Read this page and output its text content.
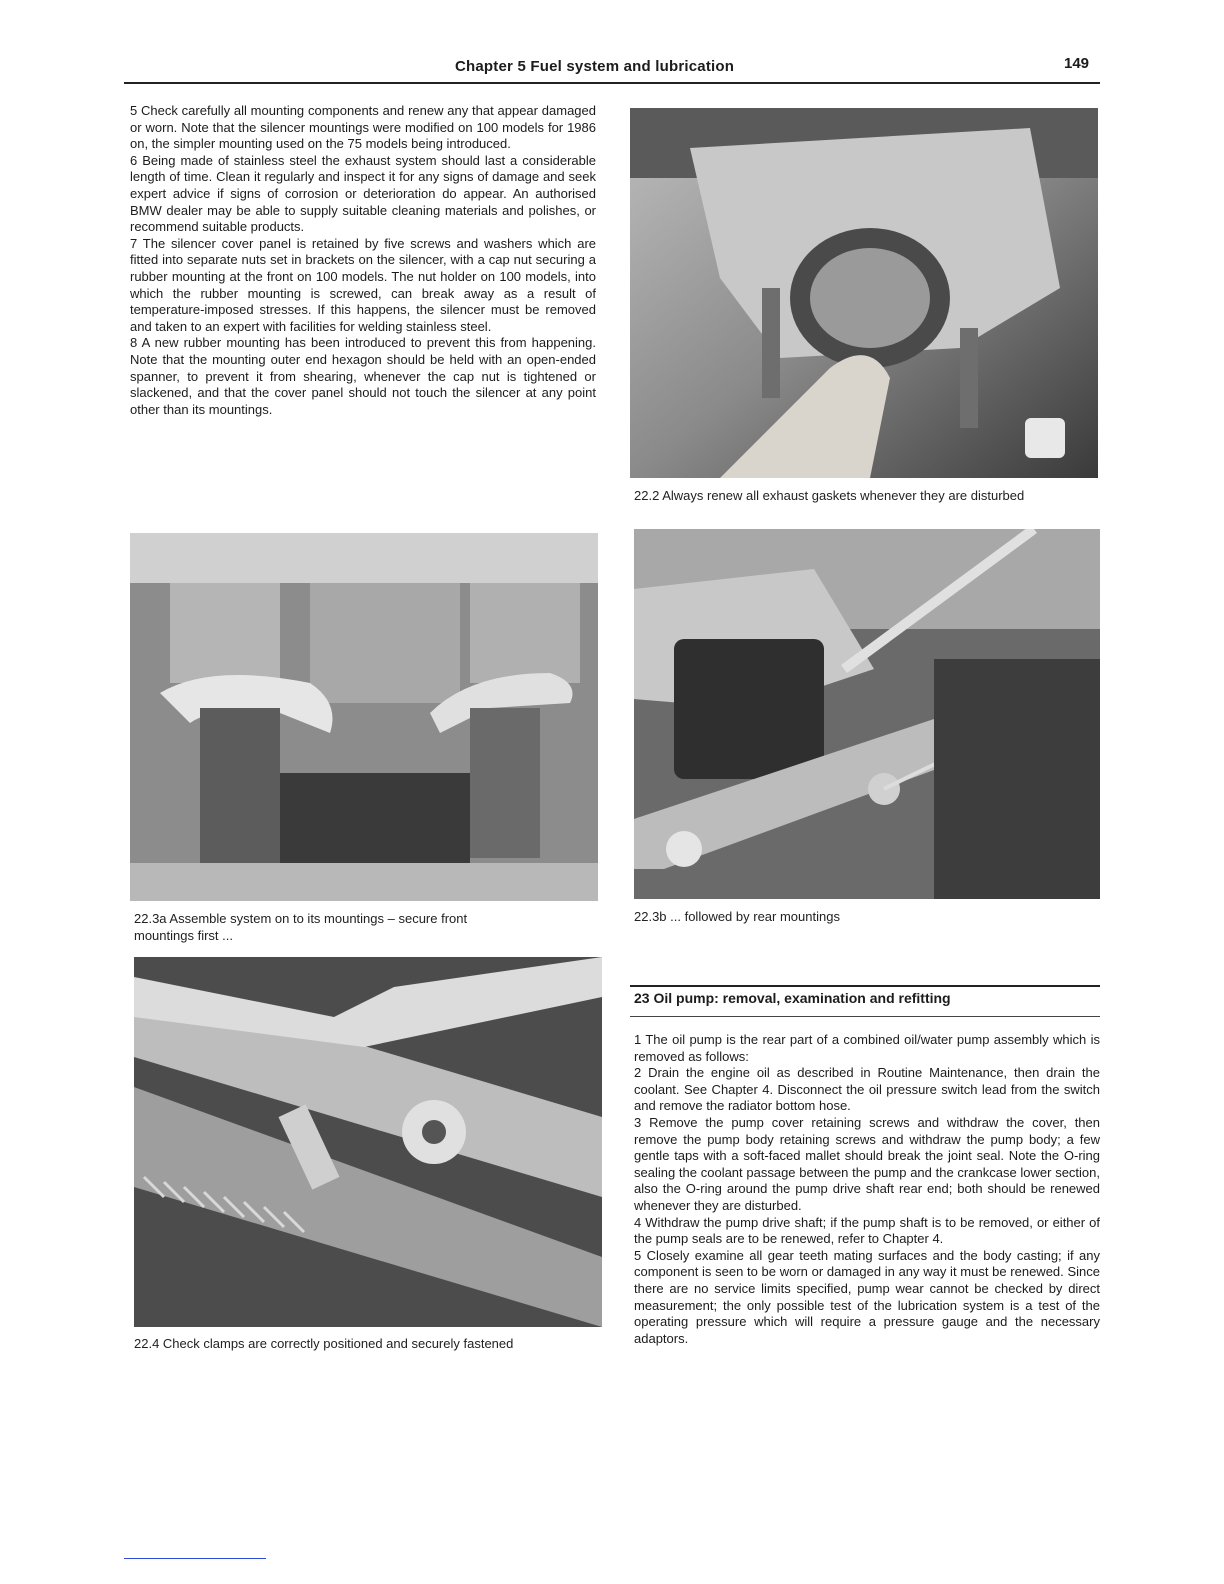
Chapter 5 Fuel system and lubrication	149

5 Check carefully all mounting components and renew any that appear damaged or worn. Note that the silencer mountings were modified on 100 models for 1986 on, the simpler mounting used on the 75 models being introduced.

6 Being made of stainless steel the exhaust system should last a considerable length of time. Clean it regularly and inspect it for any signs of damage and seek expert advice if signs of corrosion or deterioration do appear. An authorised BMW dealer may be able to supply suitable cleaning materials and polishes, or recommend suitable products.

7 The silencer cover panel is retained by five screws and washers which are fitted into separate nuts set in brackets on the silencer, with a cap nut securing a rubber mounting at the front on 100 models. The nut holder on 100 models, into which the rubber mounting is screwed, can break away as a result of temperature-imposed stresses. If this happens, the silencer must be removed and taken to an expert with facilities for welding stainless steel.

8 A new rubber mounting has been introduced to prevent this from happening. Note that the mounting outer end hexagon should be held with an open-ended spanner, to prevent it from shearing, whenever the cap nut is tightened or slackened, and that the cover panel should not touch the silencer at any point other than its mountings.

22.2 Always renew all exhaust gaskets whenever they are disturbed
22.3a Assemble system on to its mountings – secure front
mountings first ...
22.3b ... followed by rear mountings
22.4 Check clamps are correctly positioned and securely fastened
23 Oil pump: removal, examination and refitting

1 The oil pump is the rear part of a combined oil/water pump assembly which is removed as follows:

2 Drain the engine oil as described in Routine Maintenance, then drain the coolant. See Chapter 4. Disconnect the oil pressure switch lead from the switch and remove the radiator bottom hose.

3 Remove the pump cover retaining screws and withdraw the cover, then remove the pump body retaining screws and withdraw the pump body; a few gentle taps with a soft-faced mallet should break the joint seal. Note the O-ring sealing the coolant passage between the pump and the crankcase lower section, also the O-ring around the pump drive shaft rear end; both should be renewed whenever they are disturbed.

4 Withdraw the pump drive shaft; if the pump shaft is to be removed, or either of the pump seals are to be renewed, refer to Chapter 4.

5 Closely examine all gear teeth mating surfaces and the body casting; if any component is seen to be worn or damaged in any way it must be renewed. Since there are no service limits specified, pump wear cannot be checked by direct measurement; the only possible test of the lubrication system is a test of the operating pressure which will require a pressure gauge and the necessary adaptors.
